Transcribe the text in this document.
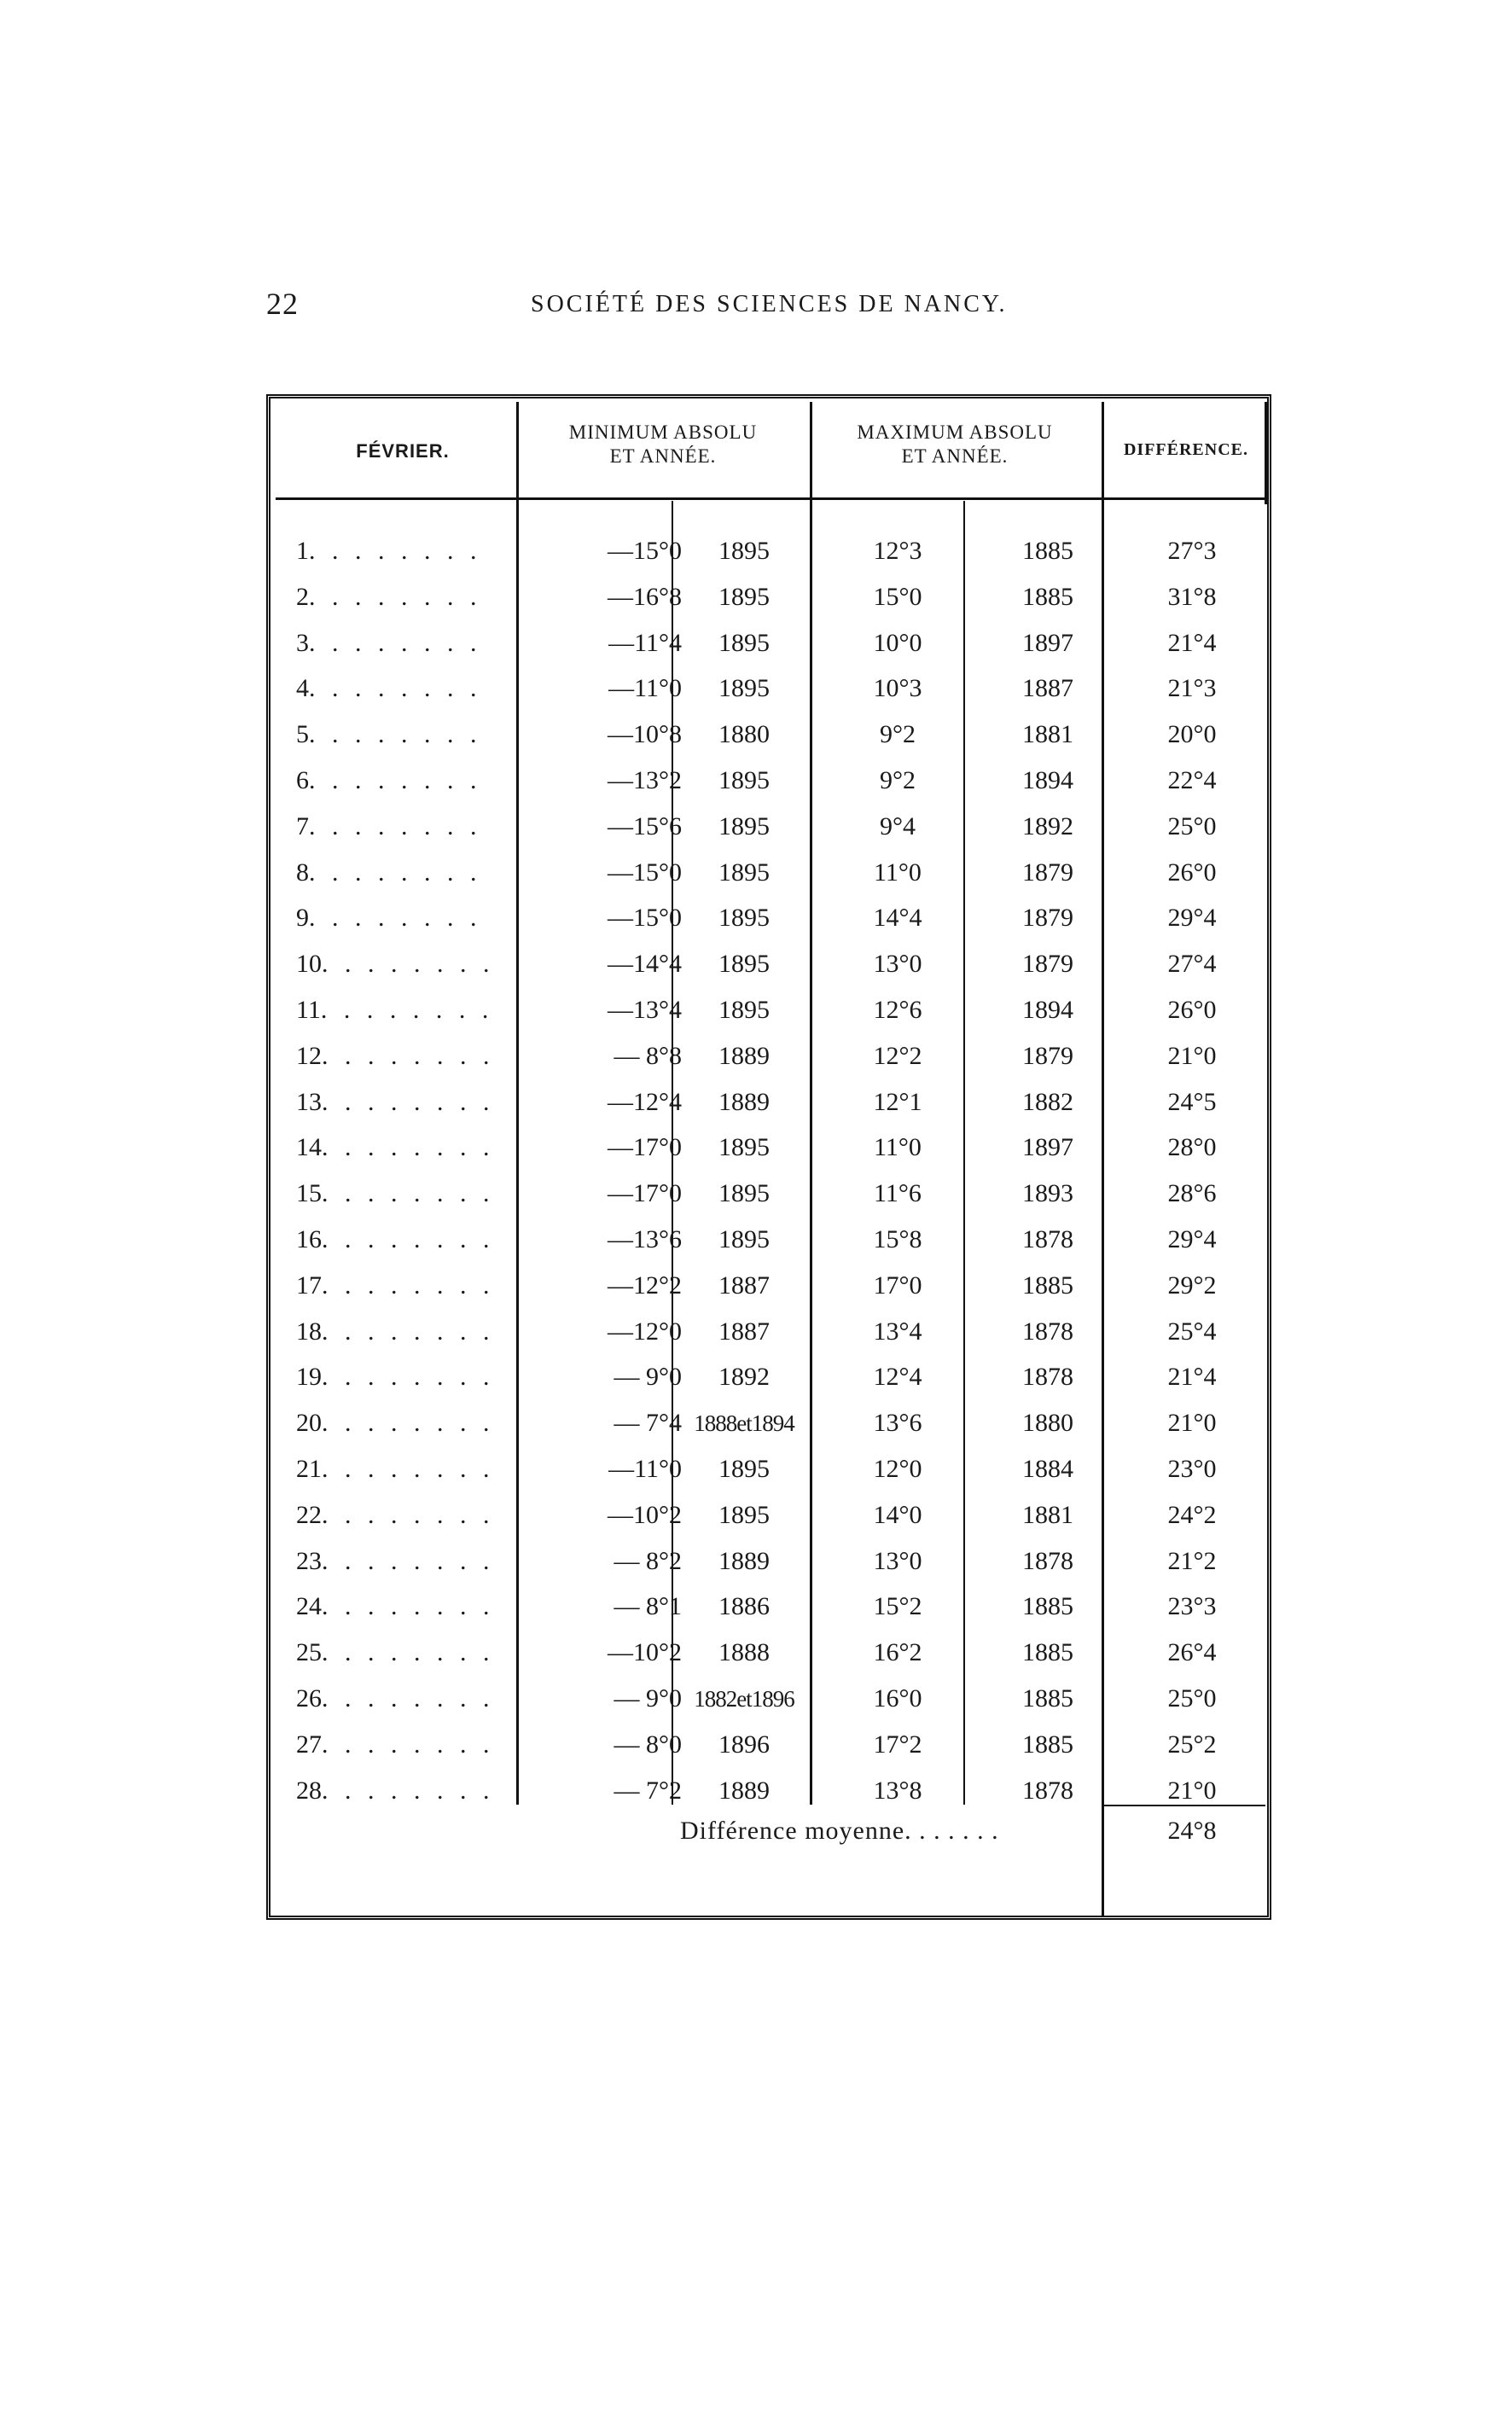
22	SOCIÉTÉ DES SCIENCES DE NANCY.
FÉVRIER.
MINIMUM ABSOLU
ET ANNÉE.
MAXIMUM ABSOLU
ET ANNÉE.	DIFFÉRENCE.
1. . . . . . . .	—15°0	1895	12°3	1885	27°3
2. . . . . . . .	—16°8	1895	15°0	1885	31°8
3. . . . . . . .	—11°4	1895	10°0	1897	21°4
4. . . . . . . .	—11°0	1895	10°3	1887	21°3
5. . . . . . . .	—10°8	1880	9°2	1881	20°0
6. . . . . . . .	—13°2	1895	9°2	1894	22°4
7. . . . . . . .	—15°6	1895	9°4	1892	25°0
8. . . . . . . .	—15°0	1895	11°0	1879	26°0
9. . . . . . . .	—15°0	1895	14°4	1879	29°4
10. . . . . . . .	—14°4	1895	13°0	1879	27°4
11. . . . . . . .	—13°4	1895	12°6	1894	26°0
12. . . . . . . .	— 8°8	1889	12°2	1879	21°0
13. . . . . . . .	—12°4	1889	12°1	1882	24°5
14. . . . . . . .	—17°0	1895	11°0	1897	28°0
15. . . . . . . .	—17°0	1895	11°6	1893	28°6
16. . . . . . . .	—13°6	1895	15°8	1878	29°4
17. . . . . . . .	—12°2	1887	17°0	1885	29°2
18. . . . . . . .	—12°0	1887	13°4	1878	25°4
19. . . . . . . .	— 9°0	1892	12°4	1878	21°4
20. . . . . . . .	— 7°4 1888et1894	13°6	1880	21°0
21. . . . . . . .	—11°0	1895	12°0	1884	23°0
22. . . . . . . .	—10°2	1895	14°0	1881	24°2
23. . . . . . . .	— 8°2	1889	13°0	1878	21°2
24. . . . . . . .	— 8°1	1886	15°2	1885	23°3
25. . . . . . . .	—10°2	1888	16°2	1885	26°4
26. . . . . . . .	— 9°0 1882et1896	16°0	1885	25°0
27. . . . . . . .	— 8°0	1896	17°2	1885	25°2
28. . . . . . . .	— 7°2	1889	13°8	1878	21°0
Différence moyenne. . . . . . .	24°8
